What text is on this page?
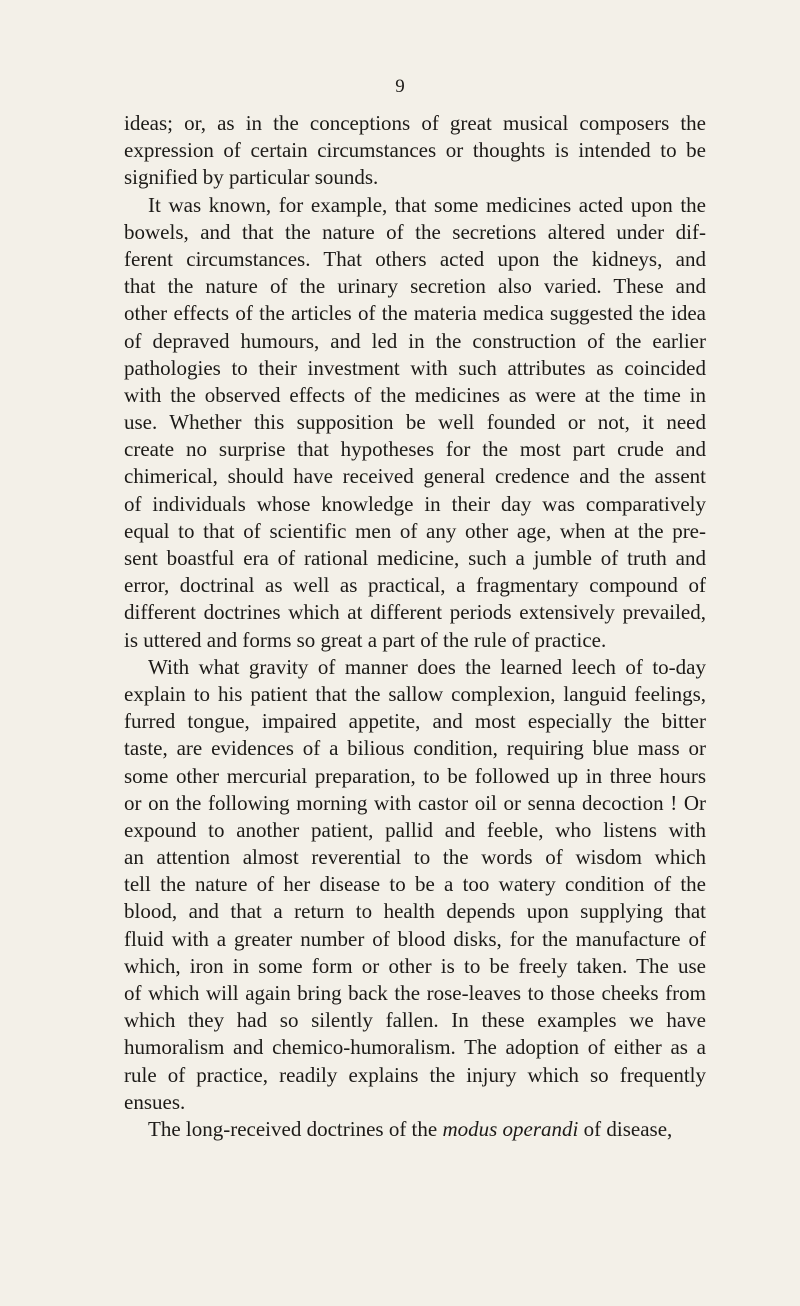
9
ideas; or, as in the conceptions of great musical composers the
expression of certain circumstances or thoughts is intended to be
signified by particular sounds.
It was known, for example, that some medicines acted upon the
bowels, and that the nature of the secretions altered under dif-
ferent circumstances. That others acted upon the kidneys, and
that the nature of the urinary secretion also varied. These and
other effects of the articles of the materia medica suggested the idea
of depraved humours, and led in the construction of the earlier
pathologies to their investment with such attributes as coincided
with the observed effects of the medicines as were at the time in
use. Whether this supposition be well founded or not, it need
create no surprise that hypotheses for the most part crude and
chimerical, should have received general credence and the assent
of individuals whose knowledge in their day was comparatively
equal to that of scientific men of any other age, when at the pre-
sent boastful era of rational medicine, such a jumble of truth and
error, doctrinal as well as practical, a fragmentary compound of
different doctrines which at different periods extensively prevailed,
is uttered and forms so great a part of the rule of practice.
With what gravity of manner does the learned leech of to-day
explain to his patient that the sallow complexion, languid feelings,
furred tongue, impaired appetite, and most especially the bitter
taste, are evidences of a bilious condition, requiring blue mass or
some other mercurial preparation, to be followed up in three hours
or on the following morning with castor oil or senna decoction ! Or
expound to another patient, pallid and feeble, who listens with
an attention almost reverential to the words of wisdom which
tell the nature of her disease to be a too watery condition of the
blood, and that a return to health depends upon supplying that
fluid with a greater number of blood disks, for the manufacture of
which, iron in some form or other is to be freely taken. The use
of which will again bring back the rose-leaves to those cheeks from
which they had so silently fallen. In these examples we have
humoralism and chemico-humoralism. The adoption of either as a
rule of practice, readily explains the injury which so frequently
ensues.
The long-received doctrines of the modus operandi of disease,
